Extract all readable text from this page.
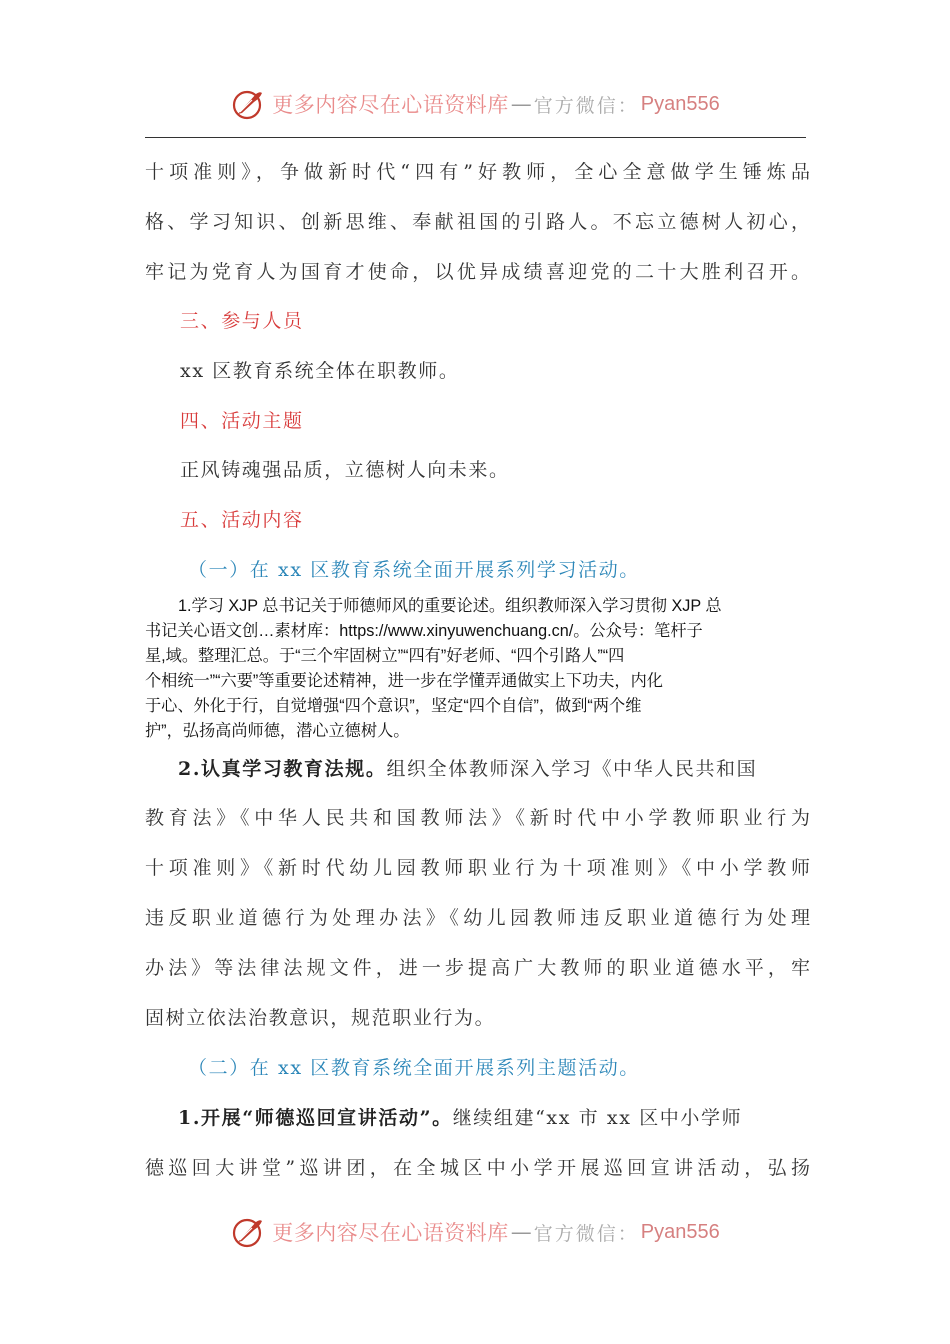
更多内容尽在心语资料库 — 官方微信： Pyan556
十项准则》，争做新时代“四有”好教师，全心全意做学生锤炼品
格、学习知识、创新思维、奉献祖国的引路人。不忘立德树人初心，
牢记为党育人为国育才使命，以优异成绩喜迎党的二十大胜利召开。
三、参与人员
xx 区教育系统全体在职教师。
四、活动主题
正风铸魂强品质，立德树人向未来。
五、活动内容
（一）在 xx 区教育系统全面开展系列学习活动。
1.学习 XJP 总书记关于师德师风的重要论述。组织教师深入学习贯彻 XJP 总
书记关心语文创…素材库：https://www.xinyuwenchuang.cn/。公众号：笔杆子
星,域。整理汇总。于“三个牢固树立”“四有”好老师、“四个引路人”“四
个相统一”“六要”等重要论述精神，进一步在学懂弄通做实上下功夫，内化
于心、外化于行，自觉增强“四个意识”，坚定“四个自信”，做到“两个维
护”，弘扬高尚师德，潜心立德树人。
2.认真学习教育法规。组织全体教师深入学习《中华人民共和国
教育法》《中华人民共和国教师法》《新时代中小学教师职业行为
十项准则》《新时代幼儿园教师职业行为十项准则》《中小学教师
违反职业道德行为处理办法》《幼儿园教师违反职业道德行为处理
办法》等法律法规文件，进一步提高广大教师的职业道德水平，牢
固树立依法治教意识，规范职业行为。
（二）在 xx 区教育系统全面开展系列主题活动。
1.开展“师德巡回宣讲活动”。继续组建“xx 市 xx 区中小学师
德巡回大讲堂”巡讲团，在全城区中小学开展巡回宣讲活动，弘扬
更多内容尽在心语资料库 — 官方微信： Pyan556
